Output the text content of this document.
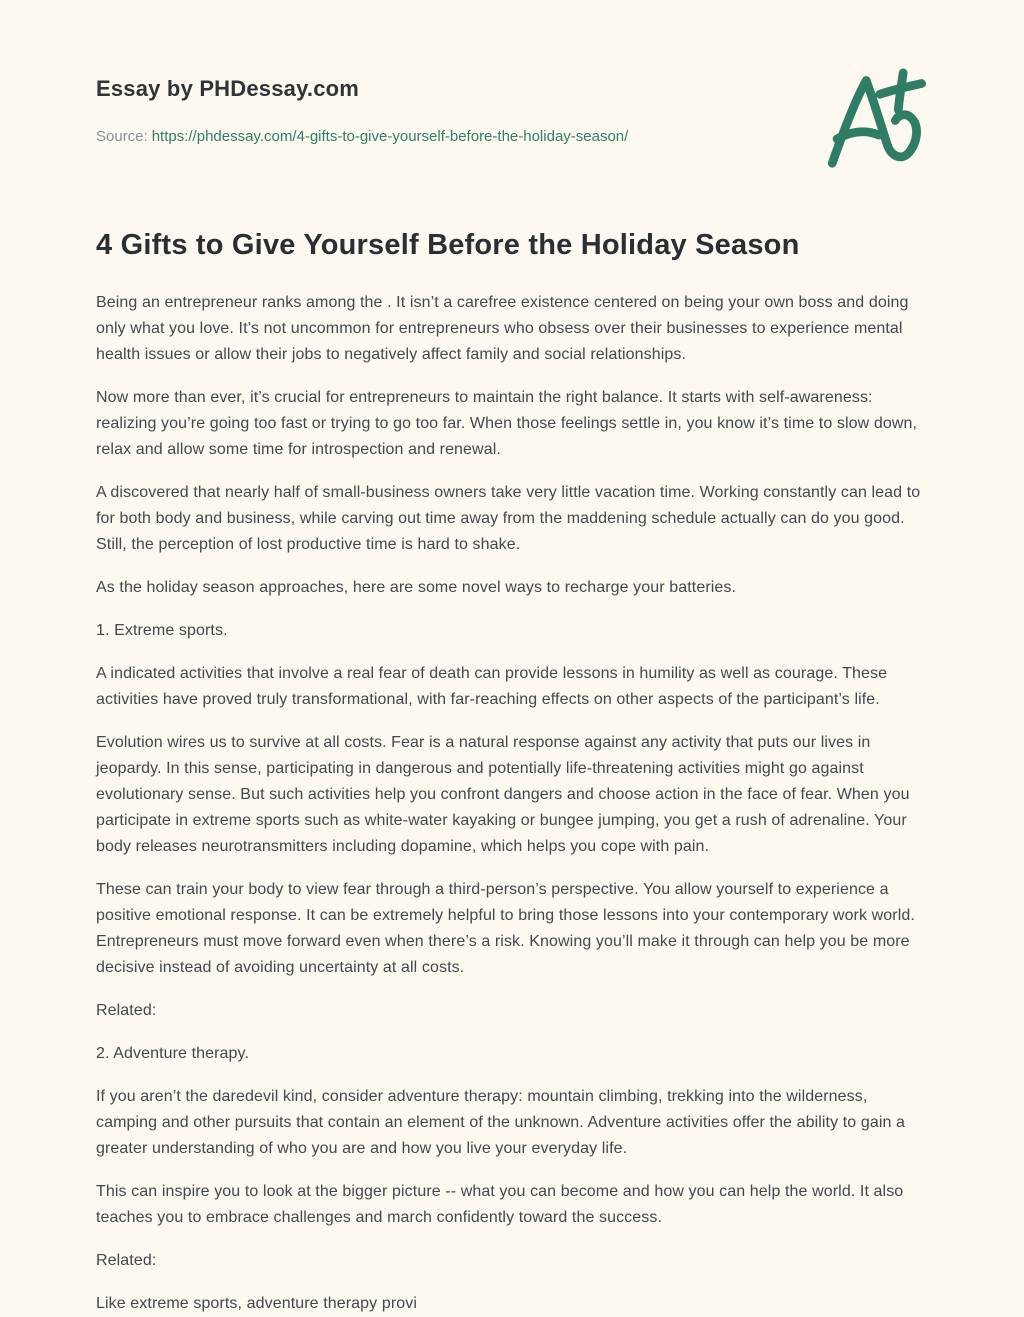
Essay by PHDessay.com

Source: https://phdessay.com/4-gifts-to-give-yourself-before-the-holiday-season/

4 Gifts to Give Yourself Before the Holiday Season

Being an entrepreneur ranks among the . It isn’t a carefree existence centered on being your own boss and doing only what you love. It’s not uncommon for entrepreneurs who obsess over their businesses to experience mental health issues or allow their jobs to negatively affect family and social relationships.

Now more than ever, it’s crucial for entrepreneurs to maintain the right balance. It starts with self-awareness: realizing you’re going too fast or trying to go too far. When those feelings settle in, you know it’s time to slow down, relax and allow some time for introspection and renewal.

A discovered that nearly half of small-business owners take very little vacation time. Working constantly can lead to for both body and business, while carving out time away from the maddening schedule actually can do you good. Still, the perception of lost productive time is hard to shake.

As the holiday season approaches, here are some novel ways to recharge your batteries.

1. Extreme sports.

A indicated activities that involve a real fear of death can provide lessons in humility as well as courage. These activities have proved truly transformational, with far-reaching effects on other aspects of the participant’s life.

Evolution wires us to survive at all costs. Fear is a natural response against any activity that puts our lives in jeopardy. In this sense, participating in dangerous and potentially life-threatening activities might go against evolutionary sense. But such activities help you confront dangers and choose action in the face of fear. When you participate in extreme sports such as white-water kayaking or bungee jumping, you get a rush of adrenaline. Your body releases neurotransmitters including dopamine, which helps you cope with pain.

These can train your body to view fear through a third-person’s perspective. You allow yourself to experience a positive emotional response. It can be extremely helpful to bring those lessons into your contemporary work world. Entrepreneurs must move forward even when there’s a risk. Knowing you’ll make it through can help you be more decisive instead of avoiding uncertainty at all costs.

Related:

2. Adventure therapy.

If you aren’t the daredevil kind, consider adventure therapy: mountain climbing, trekking into the wilderness, camping and other pursuits that contain an element of the unknown. Adventure activities offer the ability to gain a greater understanding of who you are and how you live your everyday life.

This can inspire you to look at the bigger picture -- what you can become and how you can help the world. It also teaches you to embrace challenges and march confidently toward the success.

Related:

Like extreme sports, adventure therapy provi
